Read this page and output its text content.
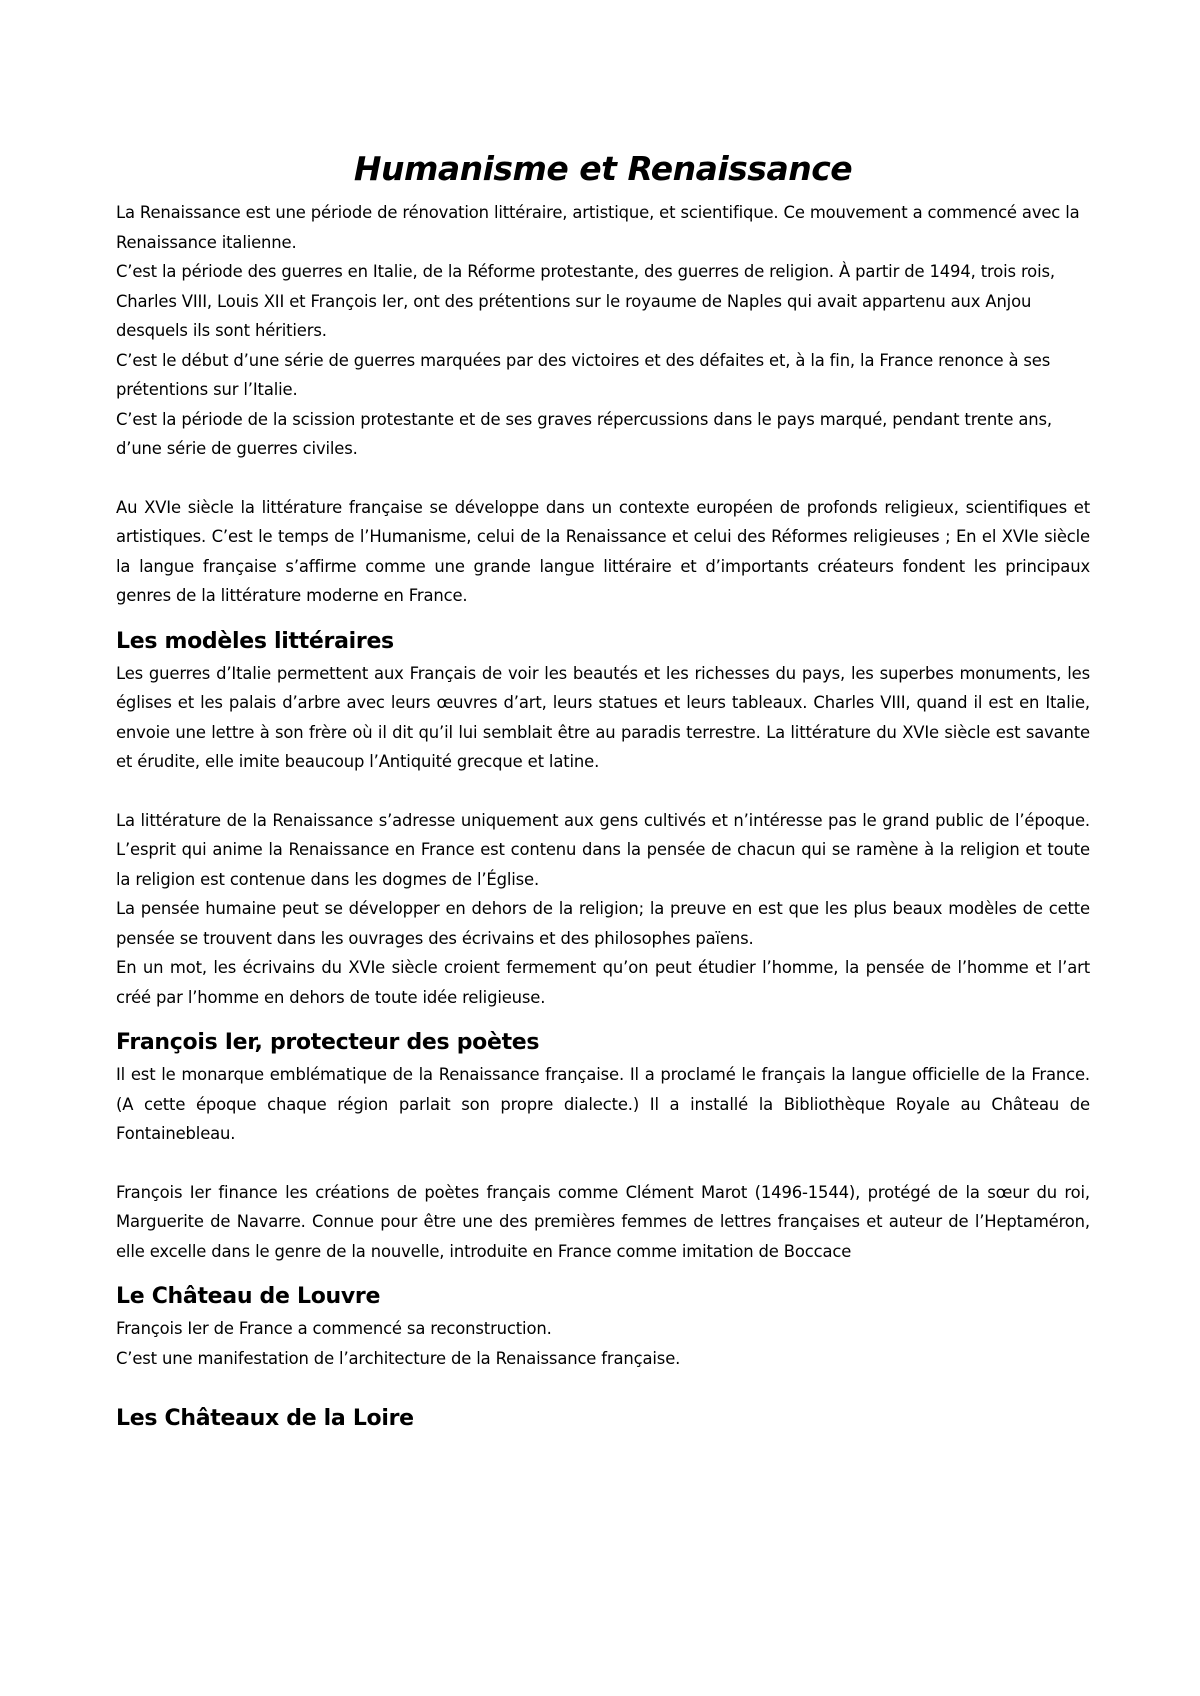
Humanisme et Renaissance

La Renaissance est une période de rénovation littéraire, artistique, et scientifique. Ce mouvement a commencé avec la Renaissance italienne.

C’est la période des guerres en Italie, de la Réforme protestante, des guerres de religion. À partir de 1494, trois rois, Charles VIII, Louis XII et François Ier, ont des prétentions sur le royaume de Naples qui avait appartenu aux Anjou desquels ils sont héritiers.

C’est le début d’une série de guerres marquées par des victoires et des défaites et, à la fin, la France renonce à ses prétentions sur l’Italie.

C’est la période de la scission protestante et de ses graves répercussions dans le pays marqué, pendant trente ans, d’une série de guerres civiles.

Au XVIe siècle la littérature française se développe dans un contexte européen de profonds religieux, scientifiques et artistiques. C’est le temps de l’Humanisme, celui de la Renaissance et celui des Réformes religieuses ; En el XVIe siècle la langue française s’affirme comme une grande langue littéraire et d’importants créateurs fondent les principaux genres de la littérature moderne en France.

Les modèles littéraires

Les guerres d’Italie permettent aux Français de voir les beautés et les richesses du pays, les superbes monuments, les églises et les palais d’arbre avec leurs œuvres d’art, leurs statues et leurs tableaux. Charles VIII, quand il est en Italie, envoie une lettre à son frère où il dit qu’il lui semblait être au paradis terrestre. La littérature du XVIe siècle est savante et érudite, elle imite beaucoup l’Antiquité grecque et latine.

La littérature de la Renaissance s’adresse uniquement aux gens cultivés et n’intéresse pas le grand public de l’époque. L’esprit qui anime la Renaissance en France est contenu dans la pensée de chacun qui se ramène à la religion et toute la religion est contenue dans les dogmes de l’Église.

La pensée humaine peut se développer en dehors de la religion; la preuve en est que les plus beaux modèles de cette pensée se trouvent dans les ouvrages des écrivains et des philosophes païens.

En un mot, les écrivains du XVIe siècle croient fermement qu’on peut étudier l’homme, la pensée de l’homme et l’art créé par l’homme en dehors de toute idée religieuse.

François Ier, protecteur des poètes

Il est le monarque emblématique de la Renaissance française. Il a proclamé le français la langue officielle de la France. (A cette époque chaque région parlait son propre dialecte.) Il a installé la Bibliothèque Royale au Château de Fontainebleau.

François Ier finance les créations de poètes français comme Clément Marot (1496-1544), protégé de la sœur du roi, Marguerite de Navarre. Connue pour être une des premières femmes de lettres françaises et auteur de l’Heptaméron, elle excelle dans le genre de la nouvelle, introduite en France comme imitation de Boccace

Le Château de Louvre

François Ier de France a commencé sa reconstruction.

C’est une manifestation de l’architecture de la Renaissance française.

Les Châteaux de la Loire
